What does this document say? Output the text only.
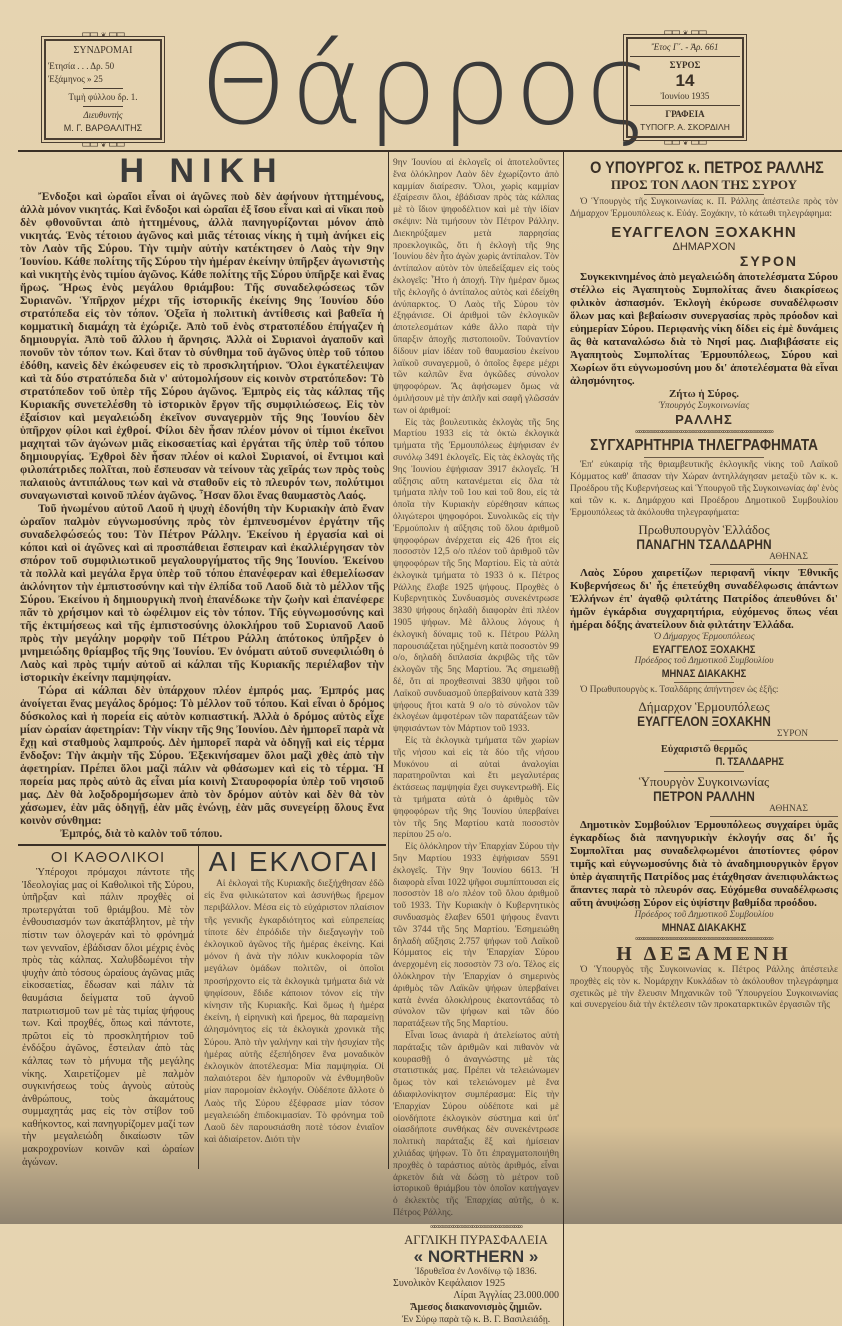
⊏⊐⊏⊐ ❦ ⊏⊐⊏⊐
ΣΥΝΔΡΟΜΑΙ
Ἐτησία . . . Δρ. 50
Ἑξάμηνος » 25
Τιμὴ φύλλου δρ. 1.
Διευθυντής
Μ. Γ. ΒΑΡΘΑΛΙΤΗΣ
⊏⊐⊏⊐ ❦ ⊏⊐⊏⊐ Θάρρος	⊏⊐⊏⊐ ❦ ⊏⊐⊏⊐
Ἔτος Γ΄. - Ἀρ. 661
ΣΥΡΟΣ
14
Ἰουνίου 1935
ΓΡΑΦΕΙΑ
ΤΥΠΟΓΡ. Α. ΣΚΟΡΔΙΛΗ
⊏⊐⊏⊐ ❦ ⊏⊐⊏⊐
Η ΝΙΚΗ

Ἔνδοξοι καὶ ὡραῖοι εἶναι οἱ ἀγῶνες ποὺ δὲν ἀφήνουν ἡττημένους, ἀλλὰ μόνον νικητάς. Καὶ ἔνδοξοι καὶ ὡραῖαι ἐξ ἴσου εἶναι καὶ αἱ νῖκαι ποὺ δὲν φθονοῦνται ἀπὸ ἡττημένους, ἀλλὰ πανηγυρίζονται μόνον ἀπὸ νικητάς. Ἑνὸς τέτοιου ἀγῶνος καὶ μιᾶς τέτοιας νίκης ἡ τιμὴ ἀνήκει εἰς τὸν Λαὸν τῆς Σύρου. Τὴν τιμὴν αὐτὴν κατέκτησεν ὁ Λαὸς τὴν 9ην Ἰουνίου. Κάθε πολίτης τῆς Σύρου τὴν ἡμέραν ἐκείνην ὑπῆρξεν ἀγωνιστὴς καὶ νικητὴς ἑνὸς τιμίου ἀγῶνος. Κάθε πολίτης τῆς Σύρου ὑπῆρξε καὶ ἕνας ἥρως. Ἥρως ἑνὸς μεγάλου θριάμβου: Τῆς συναδελφώσεως τῶν Συριανῶν. Ὑπῆρχον μέχρι τῆς ἱστορικῆς ἐκείνης 9ης Ἰουνίου δύο στρατόπεδα εἰς τὸν τόπον. Ὀξεῖα ἡ πολιτικὴ ἀντίθεσις καὶ βαθεῖα ἡ κομματικὴ διαμάχη τὰ ἐχώριζε. Ἀπὸ τοῦ ἑνὸς στρατοπέδου ἐπήγαζεν ἡ δημιουργία. Ἀπὸ τοῦ ἄλλου ἡ ἄρνησις. Ἀλλὰ οἱ Συριανοὶ ἀγαποῦν καὶ πονοῦν τὸν τόπον των. Καὶ ὅταν τὸ σύνθημα τοῦ ἀγῶνος ὑπὲρ τοῦ τόπου ἐδόθη, κανεὶς δὲν ἐκώφευσεν εἰς τὸ προσκλητήριον. Ὅλοι ἐγκατέλειψαν καὶ τὰ δύο στρατόπεδα διὰ ν' αὐτομολήσουν εἰς κοινὸν στρατόπεδον: Τὸ στρατόπεδον τοῦ ὑπὲρ τῆς Σύρου ἀγῶνος. Ἐμπρὸς εἰς τὰς κάλπας τῆς Κυριακῆς συνετελέσθη τὸ ἱστορικὸν ἔργον τῆς συμφιλιώσεως. Εἰς τὸν ἐξαίσιον καὶ μεγαλειώδη ἐκεῖνον συναγερμὸν τῆς 9ης Ἰουνίου δὲν ὑπῆρχον φίλοι καὶ ἐχθροί. Φίλοι δὲν ἦσαν πλέον μόνον οἱ τίμιοι ἐκεῖνοι μαχηταὶ τῶν ἀγώνων μιᾶς εἰκοσαετίας καὶ ἐργάται τῆς ὑπὲρ τοῦ τόπου δημιουργίας. Ἐχθροὶ δὲν ἦσαν πλέον οἱ καλοὶ Συριανοί, οἱ ἔντιμοι καὶ φιλοπάτριδες πολῖται, ποὺ ἔσπευσαν νὰ τείνουν τὰς χεῖράς των πρὸς τοὺς παλαιοὺς ἀντιπάλους των καὶ νὰ σταθοῦν εἰς τὸ πλευρόν των, πολύτιμοι συναγωνισταὶ κοινοῦ πλέον ἀγῶνος. Ἦσαν ὅλοι ἕνας θαυμαστὸς Λαός.

Τοῦ ἡνωμένου αὐτοῦ Λαοῦ ἡ ψυχὴ ἐδονήθη τὴν Κυριακὴν ἀπὸ ἕναν ὡραῖον παλμὸν εὐγνωμοσύνης πρὸς τὸν ἐμπνευσμένον ἐργάτην τῆς συναδελφώσεώς του: Τὸν Πέτρον Ράλλην. Ἐκείνου ἡ ἐργασία καὶ οἱ κόποι καὶ οἱ ἀγῶνες καὶ αἱ προσπάθειαι ἔσπειραν καὶ ἐκαλλιέργησαν τὸν σπόρον τοῦ συμφιλιωτικοῦ μεγαλουργήματος τῆς 9ης Ἰουνίου. Ἐκείνου τὰ πολλὰ καὶ μεγάλα ἔργα ὑπὲρ τοῦ τόπου ἐπανέφεραν καὶ ἐθεμελίωσαν ἀκλόνητον τὴν ἐμπιστοσύνην καὶ τὴν ἐλπίδα τοῦ Λαοῦ διὰ τὸ μέλλον τῆς Σύρου. Ἐκείνου ἡ δημιουργικὴ πνοὴ ἐπανέδωκε τὴν ζωὴν καὶ ἐπανέφερε πᾶν τὸ χρήσιμον καὶ τὸ ὠφέλιμον εἰς τὸν τόπον. Τῆς εὐγνωμοσύνης καὶ τῆς ἐκτιμήσεως καὶ τῆς ἐμπιστοσύνης ὁλοκλήρου τοῦ Συριανοῦ Λαοῦ πρὸς τὴν μεγάλην μορφὴν τοῦ Πέτρου Ράλλη ἀπότοκος ὑπῆρξεν ὁ μνημειώδης θρίαμβος τῆς 9ης Ἰουνίου. Ἐν ὀνόματι αὐτοῦ συνεφιλιώθη ὁ Λαὸς καὶ πρὸς τιμήν αὐτοῦ αἱ κάλπαι τῆς Κυριακῆς περιέλαβον τὴν ἱστορικὴν ἐκείνην παμψηφίαν.

Τώρα αἱ κάλπαι δὲν ὑπάρχουν πλέον ἐμπρός μας. Ἐμπρός μας ἀνοίγεται ἕνας μεγάλος δρόμος: Τὸ μέλλον τοῦ τόπου. Καὶ εἶναι ὁ δρόμος δύσκολος καὶ ἡ πορεία εἰς αὐτὸν κοπιαστική. Ἀλλὰ ὁ δρόμος αὐτὸς εἶχε μίαν ὡραίαν ἀφετηρίαν: Τὴν νίκην τῆς 9ης Ἰουνίου. Δὲν ἠμπορεῖ παρὰ νὰ ἔχῃ καὶ σταθμοὺς λαμπρούς. Δὲν ἠμπορεῖ παρὰ νὰ ὁδηγῇ καὶ εἰς τέρμα ἔνδοξον: Τὴν ἀκμὴν τῆς Σύρου. Ἐξεκινήσαμεν ὅλοι μαζὶ χθὲς ἀπὸ τὴν ἀφετηρίαν. Πρέπει ὅλοι μαζὶ πάλιν νὰ φθάσωμεν καὶ εἰς τὸ τέρμα. Ἡ πορεία μας πρὸς αὐτὸ ἂς εἶναι μία κοινὴ Σταυροφορία ὑπὲρ τοῦ νησιοῦ μας. Δὲν θὰ λοξοδρομήσωμεν ἀπὸ τὸν δρόμον αὐτὸν καὶ δὲν θὰ τὸν χάσωμεν, ἐὰν μᾶς ὁδηγῇ, ἐὰν μᾶς ἑνώνῃ, ἐὰν μᾶς συνεγείρῃ ὅλους ἕνα κοινὸν σύνθημα:

Ἐμπρός, διὰ τὸ καλὸν τοῦ τόπου.

ΟΙ ΚΑΘΟΛΙΚΟΙ

Ὑπέροχοι πρόμαχοι πάντοτε τῆς Ἰδεολογίας μας οἱ Καθολικοὶ τῆς Σύρου, ὑπῆρξαν καὶ πάλιν προχθὲς οἱ πρωτεργάται τοῦ θριάμβου. Μὲ τὸν ἐνθουσιασμόν των ἀκατάβλητον, μὲ τὴν πίστιν των ὁλογεράν καὶ τὸ φρόνημά των γενναῖον, ἐβάδισαν ὅλοι μέχρις ἑνὸς πρὸς τὰς κάλπας. Χαλυβδωμένοι τὴν ψυχὴν ἀπὸ τόσους ὡραίους ἀγῶνας μιᾶς εἰκοσαετίας, ἔδωσαν καὶ πάλιν τὰ θαυμάσια δείγματα τοῦ ἁγνοῦ πατριωτισμοῦ των μὲ τὰς τιμίας ψήφους των. Καὶ προχθές, ὅπως καὶ πάντοτε, πρῶτοι εἰς τὸ προσκλητήριον τοῦ ἐνδόξου ἀγῶνος, ἔστειλαν ἀπὸ τὰς κάλπας των τὸ μήνυμα τῆς μεγάλης νίκης. Χαιρετίζομεν μὲ παλμὸν συγκινήσεως τοὺς ἁγνοὺς αὐτοὺς ἀνθρώπους, τοὺς ἀκαμάτους συμμαχητάς μας εἰς τὸν στίβον τοῦ καθήκοντος, καὶ πανηγυρίζομεν μαζί των τὴν μεγαλειώδη δικαίωσιν τῶν μακροχρονίων κοινῶν καὶ ὡραίων ἀγώνων.

ΑΙ ΕΚΛΟΓΑΙ

Αἱ ἐκλογαὶ τῆς Κυριακῆς διεξήχθησαν ἐδῶ εἰς ἕνα φιλικώτατον καὶ ἀσυνήθως ἤρεμον περιβάλλον. Μέσα εἰς τὸ εὐχάριστον πλαίσιον τῆς γενικῆς ἐγκαρδιότητος καὶ εὐπρεπείας τίποτε δὲν ἐπρόδιδε τὴν διεξαγωγὴν τοῦ ἐκλογικοῦ ἀγῶνος τῆς ἡμέρας ἐκείνης. Καὶ μόνον ἡ ἀνὰ τὴν πόλιν κυκλοφορία τῶν μεγάλων ὁμάδων πολιτῶν, οἱ ὁποῖοι προσήρχοντο εἰς τὰ ἐκλογικὰ τμήματα διὰ νὰ ψηφίσουν, ἔδιδε κάποιον τόνον εἰς τὴν κίνησιν τῆς Κυριακῆς. Καὶ ὅμως ἡ ἡμέρα ἐκείνη, ἡ εἰρηνικὴ καὶ ἤρεμος, θὰ παραμείνῃ ἀλησμόνητος εἰς τὰ ἐκλογικὰ χρονικὰ τῆς Σύρου. Ἀπὸ τὴν γαλήνην καὶ τὴν ἡσυχίαν τῆς ἡμέρας αὐτῆς ἐξεπήδησεν ἕνα μοναδικὸν ἐκλογικὸν ἀποτέλεσμα: Μία παμψηφία. Οἱ παλαιότεροι δὲν ἠμποροῦν νὰ ἐνθυμηθοῦν μίαν παρομοίαν ἐκλογήν. Οὐδέποτε ἄλλοτε ὁ Λαὸς τῆς Σύρου ἐξέφρασε μίαν τόσον μεγαλειώδη ἐπιδοκιμασίαν. Τὸ φρόνημα τοῦ Λαοῦ δὲν παρουσιάσθη ποτὲ τόσον ἑνιαῖον καὶ ἀδιαίρετον. Διότι τὴν

9ην Ἰουνίου αἱ ἐκλογεῖς οἱ ἀποτελοῦντες ἕνα ὁλόκληρον Λαὸν δὲν ἐχωρίζοντο ἀπὸ καμμίαν διαίρεσιν. Ὅλοι, χωρὶς καμμίαν ἐξαίρεσιν ὅλοι, ἐβάδισαν πρὸς τὰς κάλπας μὲ τὸ ἴδιον ψηφοδέλτιον καὶ μὲ τὴν ἰδίαν σκέψιν: Νὰ τιμήσουν τὸν Πέτρον Ράλλην. Διεκηρύξαμεν μετὰ παρρησίας προεκλογικῶς, ὅτι ἡ ἐκλογὴ τῆς 9ης Ἰουνίου δὲν ἦτο ἀγὼν χωρὶς ἀντίπαλον. Τὸν ἀντίπαλον αὐτὸν τὸν ὑπεδείξαμεν εἰς τοὺς ἐκλογεῖς: Ἦτο ἡ ἀποχή. Τὴν ἡμέραν ὅμως τῆς ἐκλογῆς ὁ ἀντίπαλος αὐτὸς καὶ ἐδείχθη ἀνύπαρκτος. Ὁ Λαὸς τῆς Σύρου τὸν ἐξηφάνισε. Οἱ ἀριθμοὶ τῶν ἐκλογικῶν ἀποτελεσμάτων κάθε ἄλλο παρὰ τὴν ὕπαρξιν ἀποχῆς πιστοποιοῦν. Τοὐναντίον δίδουν μίαν ἰδέαν τοῦ θαυμασίου ἐκείνου λαϊκοῦ συναγερμοῦ, ὁ ὁποῖος ἔφερε μέχρι τῶν καλπῶν ἕνα ὀγκῶδες σύνολον ψηφοφόρων. Ἂς ἀφήσωμεν ὅμως νὰ ὁμιλήσουν μὲ τὴν ἁπλῆν καὶ σαφῆ γλῶσσάν των οἱ ἀριθμοί:

Εἰς τὰς βουλευτικὰς ἐκλογὰς τῆς 5ης Μαρτίου 1933 εἰς τὰ ὀκτὼ ἐκλογικὰ τμήματα τῆς Ἑρμουπόλεως ἐψήφισαν ἐν συνόλῳ 3491 ἐκλογεῖς. Εἰς τὰς ἐκλογὰς τῆς 9ης Ἰουνίου ἐψήφισαν 3917 ἐκλογεῖς. Ἡ αὔξησις αὕτη κατανέμεται εἰς ὅλα τὰ τμήματα πλὴν τοῦ 1ου καὶ τοῦ 8ου, εἰς τὰ ὁποῖα τὴν Κυριακὴν εὑρέθησαν κάπως ὀλιγώτεροι ψηφοφόροι. Συνολικῶς εἰς τὴν Ἑρμούπολιν ἡ αὔξησις τοῦ ὅλου ἀριθμοῦ ψηφοφόρων ἀνέρχεται εἰς 426 ἤτοι εἰς ποσοστὸν 12,5 ο/ο πλέον τοῦ ἀριθμοῦ τῶν ψηφοφόρων τῆς 5ης Μαρτίου. Εἰς τὰ αὐτὰ ἐκλογικὰ τμήματα τὸ 1933 ὁ κ. Πέτρος Ράλλης ἔλαβε 1925 ψήφους. Προχθὲς ὁ Κυβερνητικὸς Συνδυασμὸς συνεκέντρωσε 3830 ψήφους δηλαδὴ διαφορὰν ἐπὶ πλέον 1905 ψήφων. Μὲ ἄλλους λόγους ἡ ἐκλογικὴ δύναμις τοῦ κ. Πέτρου Ράλλη παρουσιάζεται ηὐξημένη κατὰ ποσοστὸν 99 ο/ο, δηλαδὴ διπλασία ἀκριβῶς τῆς τῶν ἐκλογῶν τῆς 5ης Μαρτίου. Ἂς σημειωθῇ δέ, ὅτι αἱ προχθεσιναὶ 3830 ψῆφοι τοῦ Λαϊκοῦ συνδυασμοῦ ὑπερβαίνουν κατὰ 339 ψήφους ἤτοι κατὰ 9 ο/ο τὸ σύνολον τῶν ἐκλογέων ἀμφοτέρων τῶν παρατάξεων τῶν ψηφισάντων τὸν Μάρτιον τοῦ 1933.

Εἰς τὰ ἐκλογικὰ τμήματα τῶν χωρίων τῆς νήσου καὶ εἰς τὰ δύο τῆς νήσου Μυκόνου αἱ αὐταὶ ἀναλογίαι παρατηροῦνται καὶ ἔτι μεγαλυτέρας ἐκτάσεως παμψηφία ἔχει συγκεντρωθῆ. Εἰς τὰ τμήματα αὐτὰ ὁ ἀριθμὸς τῶν ψηφοφόρων τῆς 9ης Ἰουνίου ὑπερβαίνει τὸν τῆς 5ης Μαρτίου κατὰ ποσοστὸν περίπου 25 ο/ο.

Εἰς ὁλόκληρον τὴν Ἐπαρχίαν Σύρου τὴν 5ην Μαρτίου 1933 ἐψήφισαν 5591 ἐκλογεῖς. Τὴν 9ην Ἰουνίου 6613. Ἡ διαφορὰ εἶναι 1022 ψῆφοι συμπίπτουσαι εἰς ποσοστὸν 18 ο/ο πλέον τοῦ ὅλου ἀριθμοῦ τοῦ 1933. Τὴν Κυριακὴν ὁ Κυβερνητικὸς συνδυασμὸς ἔλαβεν 6501 ψήφους ἔναντι τῶν 3744 τῆς 5ης Μαρτίου. Ἐσημειώθη δηλαδὴ αὔξησις 2.757 ψήφων τοῦ Λαϊκοῦ Κόμματος εἰς τὴν Ἐπαρχίαν Σύρου ἀνερχομένη εἰς ποσοστὸν 73 ο/ο. Τέλος εἰς ὁλόκληρον τὴν Ἐπαρχίαν ὁ σημερινὸς ἀριθμὸς τῶν Λαϊκῶν ψήφων ὑπερβαίνει κατὰ ἐννέα ὁλοκλήρους ἑκατοντάδας τὸ σύνολον τῶν ψήφων καὶ τῶν δύο παρατάξεων τῆς 5ης Μαρτίου.

Εἶναι ἴσως ἀνιαρὰ ἡ ἀτελείωτος αὐτὴ παράταξις τῶν ἀριθμῶν καὶ πιθανὸν νὰ κουρασθῇ ὁ ἀναγνώστης μὲ τὰς στατιστικάς μας. Πρέπει νὰ τελειώνωμεν ὅμως τὸν καὶ τελειώνομεν μὲ ἕνα ἀδιαφιλονίκητον συμπέρασμα: Εἰς τὴν Ἐπαρχίαν Σύρου οὐδέποτε καὶ μὲ οἱονδήποτε ἐκλογικὸν σύστημα καὶ ὑπ' οἱασδήποτε συνθήκας δὲν συνεκέντρωσε πολιτικὴ παράταξις ἓξ καὶ ἡμίσειαν χιλιάδας ψήφων. Τὸ ὅτι ἐπραγματοποιήθη προχθὲς ὁ ταράστιος αὐτὸς ἀριθμός, εἶναι ἀρκετὸν διὰ νὰ δώσῃ τὸ μέτρον τοῦ ἱστορικοῦ θριάμβου τὸν ὁποῖον κατήγαγεν ὁ ἐκλεκτὸς τῆς Ἐπαρχίας αὐτῆς, ὁ κ. Πέτρος Ράλλης.

∞∞∞∞∞∞∞∞∞∞∞∞∞∞∞∞∞∞∞∞∞∞∞∞
ΑΓΓΛΙΚΗ ΠΥΡΑΣΦΑΛΕΙΑ
« NORTHERN »
Ἱδρυθεῖσα ἐν Λονδίνῳ τῷ 1836.
Συνολικὸν Κεφάλαιον 1925
Λίραι Ἀγγλίας 23.000.000
Ἄμεσος διακανονισμὸς ζημιῶν.
Ἐν Σύρῳ παρὰ τῷ κ. Β. Γ. Βασιλειάδῃ.
Ο ΥΠΟΥΡΓΟΣ κ. ΠΕΤΡΟΣ ΡΑΛΛΗΣ
ΠΡΟΣ ΤΟΝ ΛΑΟΝ ΤΗΣ ΣΥΡΟΥ
Ὁ Ὑπουργὸς τῆς Συγκοινωνίας κ. Π. Ράλλης ἀπέστειλε πρὸς τὸν Δήμαρχον Ἑρμουπόλεως κ. Εὐάγ. Ξοχάκην, τὸ κάτωθι τηλεγράφημα:
ΕΥΑΓΓΕΛΟΝ ΞΟΧΑΚΗΝ
ΔΗΜΑΡΧΟΝ
ΣΥΡΟΝ
Συγκεκινημένος ἀπὸ μεγαλειώδη ἀποτελέσματα Σύρου στέλλω εἰς Ἀγαπητοὺς Συμπολίτας ἄνευ διακρίσεως φιλικὸν ἀσπασμόν. Ἐκλογὴ ἐκύρωσε συναδέλφωσιν ὅλων μας καὶ βεβαίωσιν συνεργασίας πρὸς πρόοδον καὶ εὐημερίαν Σύρου. Περιφανὴς νίκη δίδει εἰς ἐμὲ δυνάμεις ἃς θὰ καταναλώσω διὰ τὸ Νησί μας. Διαβιβάσατε εἰς Ἀγαπητοὺς Συμπολίτας Ἑρμουπόλεως, Σύρου καὶ Χωρίων ὅτι εὐγνωμοσύνη μου δι' ἀποτελέσματα θὰ εἶναι ἀλησμόνητος.
Ζήτω ἡ Σύρος.
Ὑπουργὸς Συγκοινωνίας
ΡΑΛΛΗΣ
∞∞∞∞∞∞∞∞∞∞∞∞∞∞∞∞∞∞∞∞∞∞∞∞∞∞∞∞∞∞∞∞∞∞∞∞
ΣΥΓΧΑΡΗΤΗΡΙΑ ΤΗΛΕΓΡΑΦΗΜΑΤΑ
Ἐπ' εὐκαιρίᾳ τῆς θριαμβευτικῆς ἐκλογικῆς νίκης τοῦ Λαϊκοῦ Κόμματος καθ' ἅπασαν τὴν Χώραν ἀντηλλάγησαν μεταξὺ τῶν κ. κ. Προέδρου τῆς Κυβερνήσεως καὶ Ὑπουργοῦ τῆς Συγκοινωνίας ἀφ' ἑνὸς καὶ τῶν κ. κ. Δημάρχου καὶ Προέδρου Δημοτικοῦ Συμβουλίου Ἑρμουπόλεως τὰ ἀκόλουθα τηλεγραφήματα:
Πρωθυπουργὸν Ἑλλάδος
ΠΑΝΑΓΗΝ ΤΣΑΛΔΑΡΗΝ
ΑΘΗΝΑΣ
Λαὸς Σύρου χαιρετίζων περιφανῆ νίκην Ἐθνικῆς Κυβερνήσεως δι' ἧς ἐπετεύχθη συναδέλφωσις ἁπάντων Ἑλλήνων ἐπ' ἀγαθῷ φιλτάτης Πατρίδος ἀπευθύνει δι' ἡμῶν ἐγκάρδια συγχαρητήρια, εὐχόμενος ὅπως νέαι ἡμέραι δόξης ἀνατείλουν διὰ φιλτάτην Ἑλλάδα.
Ὁ Δήμαρχος Ἑρμουπόλεως
ΕΥΑΓΓΕΛΟΣ ΞΟΧΑΚΗΣ
Πρόεδρος τοῦ Δημοτικοῦ Συμβουλίου
ΜΗΝΑΣ ΔΙΑΚΑΚΗΣ
Ὁ Πρωθυπουργὸς κ. Τσαλδάρης ἀπήντησεν ὡς ἑξῆς:
Δήμαρχον Ἑρμουπόλεως
ΕΥΑΓΓΕΛΟΝ ΞΟΧΑΚΗΝ
ΣΥΡΟΝ
Εὐχαριστῶ θερμῶς
Π. ΤΣΑΛΔΑΡΗΣ
Ὑπουργὸν Συγκοινωνίας
ΠΕΤΡΟΝ ΡΑΛΛΗΝ
ΑΘΗΝΑΣ
Δημοτικὸν Συμβούλιον Ἑρμουπόλεως συγχαίρει ὑμᾶς ἐγκαρδίως διὰ πανηγυρικὴν ἐκλογήν σας δι' ἧς Συμπολῖται μας συναδελφωμένοι ἀποτίοντες φόρον τιμῆς καὶ εὐγνωμοσύνης διὰ τὸ ἀναδημιουργικὸν ἔργον ὑπὲρ ἀγαπητῆς Πατρίδος μας ἐτάχθησαν ἀνεπιφυλάκτως ἅπαντες παρὰ τὸ πλευρόν σας. Εὐχόμεθα συναδέλφωσις αὕτη ἀνυψώσῃ Σύρον εἰς ὑψίστην βαθμίδα προόδου.
Πρόεδρος τοῦ Δημοτικοῦ Συμβουλίου
ΜΗΝΑΣ ΔΙΑΚΑΚΗΣ
∞∞∞∞∞∞∞∞∞∞∞∞∞∞∞∞∞∞∞∞∞∞∞∞∞∞∞∞∞∞∞∞∞∞∞∞
Η ΔΕΞΑΜΕΝΗ
Ὁ Ὑπουργὸς τῆς Συγκοινωνίας κ. Πέτρος Ράλλης ἀπέστειλε προχθὲς εἰς τὸν κ. Νομάρχην Κυκλάδων τὸ ἀκόλουθον τηλεγράφημα σχετικῶς μὲ τὴν ἔλευσιν Μηχανικῶν τοῦ Ὑπουργείου Συγκοινωνίας καὶ συνεργείου διὰ τὴν ἐκτέλεσιν τῶν προκαταρκτικῶν ἐργασιῶν τῆς
